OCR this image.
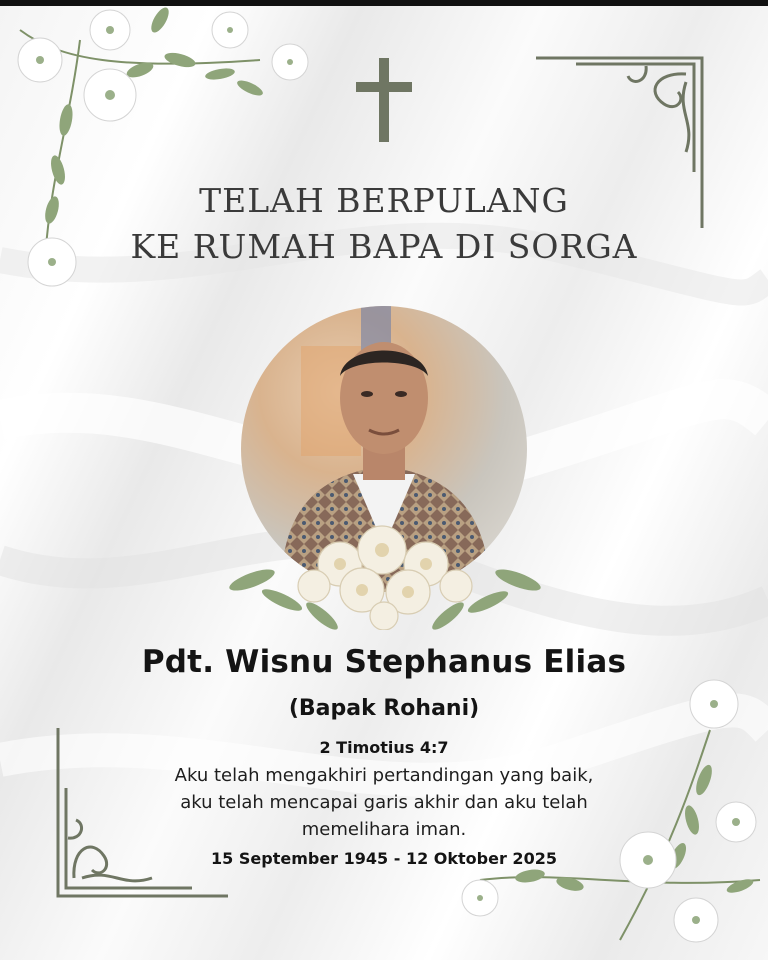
TELAH BERPULANG
KE RUMAH BAPA DI SORGA
Pdt. Wisnu Stephanus Elias
(Bapak Rohani)
2 Timotius 4:7
Aku telah mengakhiri pertandingan yang baik,
aku telah mencapai garis akhir dan aku telah
memelihara iman.
15 September 1945 - 12 Oktober 2025
